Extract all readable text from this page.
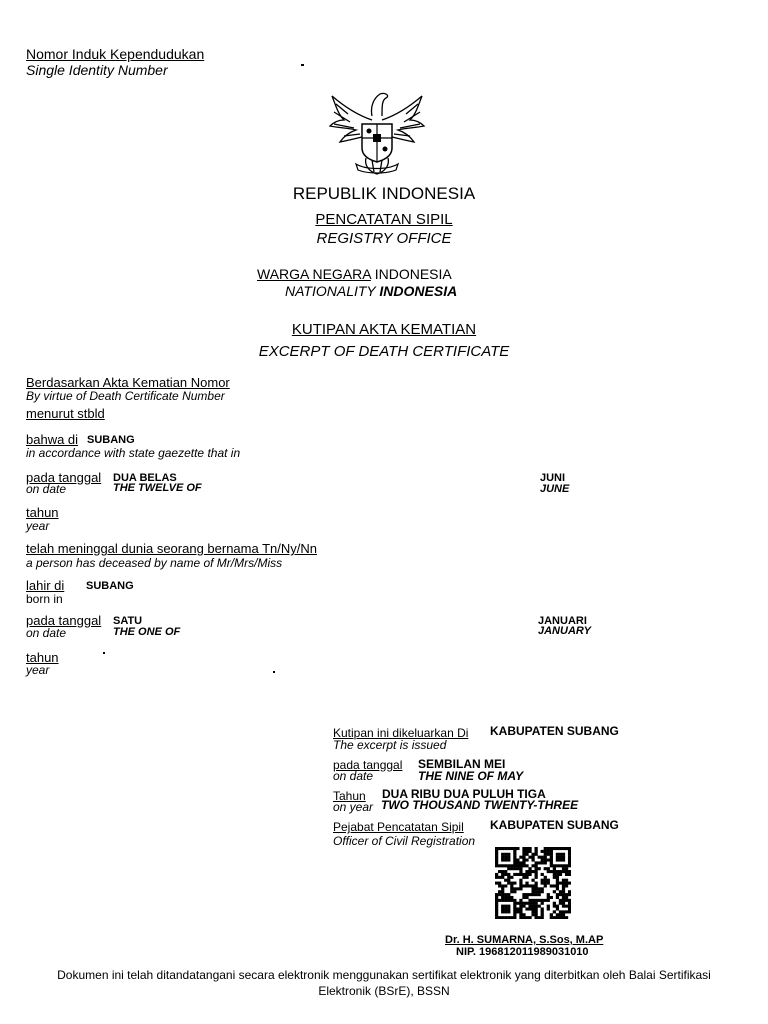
Nomor Induk Kependudukan
Single Identity Number
REPUBLIK INDONESIA
PENCATATAN SIPIL
REGISTRY OFFICE
WARGA NEGARA INDONESIA
NATIONALITY INDONESIA
KUTIPAN AKTA KEMATIAN
EXCERPT OF DEATH CERTIFICATE
Berdasarkan Akta Kematian Nomor
By virtue of Death Certificate Number
menurut stbld
bahwa di SUBANG
in accordance with state gaezette that in
pada tanggal
on date
DUA BELAS
THE TWELVE OF
JUNI
JUNE
tahun
year
telah meninggal dunia seorang bernama Tn/Ny/Nn
a person has deceased by name of Mr/Mrs/Miss
lahir di SUBANG
born in
pada tanggal
on date
SATU
THE ONE OF
JANUARI
JANUARY
tahun
year
Kutipan ini dikeluarkan Di KABUPATEN SUBANG
The excerpt is issued
pada tanggal
on date
SEMBILAN MEI
THE NINE OF MAY
Tahun DUA RIBU DUA PULUH TIGA
on year TWO THOUSAND TWENTY-THREE
Pejabat Pencatatan Sipil KABUPATEN SUBANG
Officer of Civil Registration
Dr. H. SUMARNA, S.Sos, M.AP
NIP. 196812011989031010
Dokumen ini telah ditandatangani secara elektronik menggunakan sertifikat elektronik yang diterbitkan oleh Balai Sertifikasi
Elektronik (BSrE), BSSN
